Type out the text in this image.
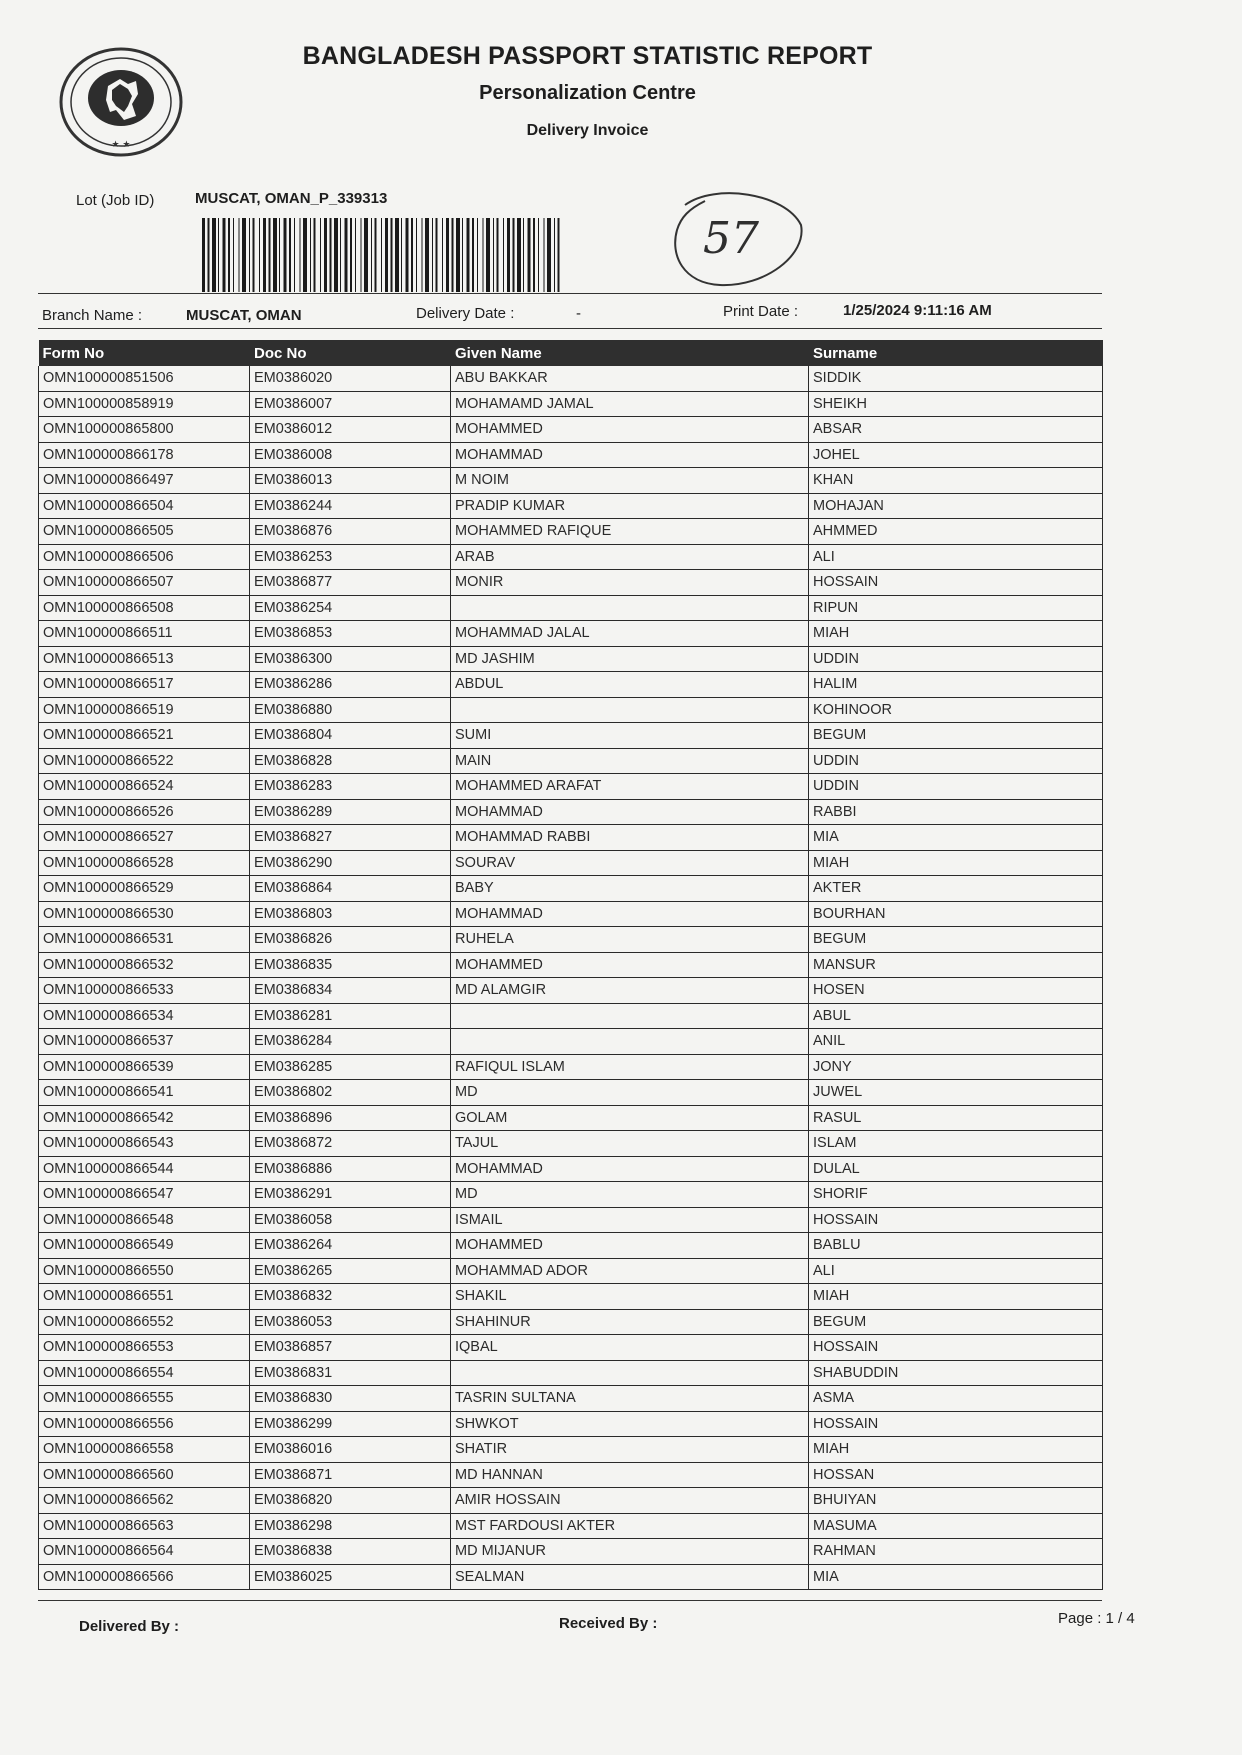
★ ★
BANGLADESH PASSPORT STATISTIC REPORT
Personalization Centre
Delivery Invoice
Lot (Job ID)	MUSCAT, OMAN_P_339313
57
Branch Name :	MUSCAT, OMAN	Delivery Date :	-	Print Date :	1/25/2024 9:11:16 AM
Form No	Doc No	Given Name	Surname
OMN100000851506	EM0386020	ABU BAKKAR	SIDDIK
OMN100000858919	EM0386007	MOHAMAMD JAMAL	SHEIKH
OMN100000865800	EM0386012	MOHAMMED	ABSAR
OMN100000866178	EM0386008	MOHAMMAD	JOHEL
OMN100000866497	EM0386013	M NOIM	KHAN
OMN100000866504	EM0386244	PRADIP KUMAR	MOHAJAN
OMN100000866505	EM0386876	MOHAMMED RAFIQUE	AHMMED
OMN100000866506	EM0386253	ARAB	ALI
OMN100000866507	EM0386877	MONIR	HOSSAIN
OMN100000866508	EM0386254		RIPUN
OMN100000866511	EM0386853	MOHAMMAD JALAL	MIAH
OMN100000866513	EM0386300	MD JASHIM	UDDIN
OMN100000866517	EM0386286	ABDUL	HALIM
OMN100000866519	EM0386880		KOHINOOR
OMN100000866521	EM0386804	SUMI	BEGUM
OMN100000866522	EM0386828	MAIN	UDDIN
OMN100000866524	EM0386283	MOHAMMED ARAFAT	UDDIN
OMN100000866526	EM0386289	MOHAMMAD	RABBI
OMN100000866527	EM0386827	MOHAMMAD RABBI	MIA
OMN100000866528	EM0386290	SOURAV	MIAH
OMN100000866529	EM0386864	BABY	AKTER
OMN100000866530	EM0386803	MOHAMMAD	BOURHAN
OMN100000866531	EM0386826	RUHELA	BEGUM
OMN100000866532	EM0386835	MOHAMMED	MANSUR
OMN100000866533	EM0386834	MD ALAMGIR	HOSEN
OMN100000866534	EM0386281		ABUL
OMN100000866537	EM0386284		ANIL
OMN100000866539	EM0386285	RAFIQUL ISLAM	JONY
OMN100000866541	EM0386802	MD	JUWEL
OMN100000866542	EM0386896	GOLAM	RASUL
OMN100000866543	EM0386872	TAJUL	ISLAM
OMN100000866544	EM0386886	MOHAMMAD	DULAL
OMN100000866547	EM0386291	MD	SHORIF
OMN100000866548	EM0386058	ISMAIL	HOSSAIN
OMN100000866549	EM0386264	MOHAMMED	BABLU
OMN100000866550	EM0386265	MOHAMMAD ADOR	ALI
OMN100000866551	EM0386832	SHAKIL	MIAH
OMN100000866552	EM0386053	SHAHINUR	BEGUM
OMN100000866553	EM0386857	IQBAL	HOSSAIN
OMN100000866554	EM0386831		SHABUDDIN
OMN100000866555	EM0386830	TASRIN SULTANA	ASMA
OMN100000866556	EM0386299	SHWKOT	HOSSAIN
OMN100000866558	EM0386016	SHATIR	MIAH
OMN100000866560	EM0386871	MD HANNAN	HOSSAN
OMN100000866562	EM0386820	AMIR HOSSAIN	BHUIYAN
OMN100000866563	EM0386298	MST FARDOUSI AKTER	MASUMA
OMN100000866564	EM0386838	MD MIJANUR	RAHMAN
OMN100000866566	EM0386025	SEALMAN	MIA
Delivered By :	Received By :	Page : 1 / 4
